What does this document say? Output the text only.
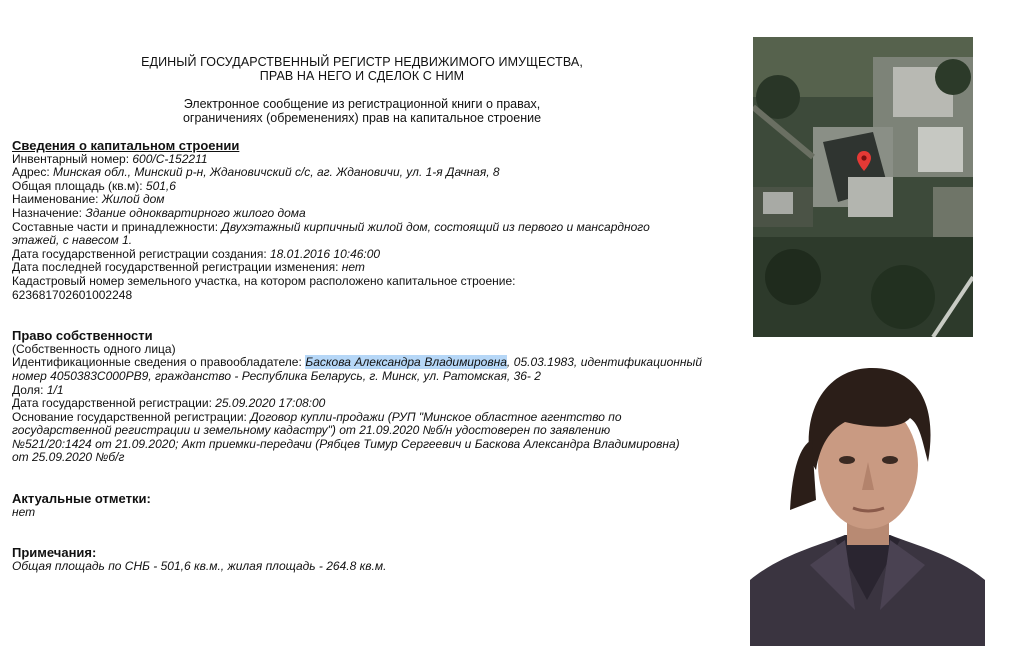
ЕДИНЫЙ ГОСУДАРСТВЕННЫЙ РЕГИСТР НЕДВИЖИМОГО ИМУЩЕСТВА,
ПРАВ НА НЕГО И СДЕЛОК С НИМ
Электронное сообщение из регистрационной книги о правах,
ограничениях (обременениях) прав на капитальное строение
Сведения о капитальном строении
Инвентарный номер: 600/С-152211
Адрес: Минская обл., Минский р-н, Ждановичский с/с, аг. Ждановичи, ул. 1-я Дачная, 8
Общая площадь (кв.м): 501,6
Наименование: Жилой дом
Назначение: Здание одноквартирного жилого дома
Составные части и принадлежности: Двухэтажный кирпичный жилой дом, состоящий из первого и мансардного этажей, с навесом 1.
Дата государственной регистрации создания: 18.01.2016 10:46:00
Дата последней государственной регистрации изменения: нет
Кадастровый номер земельного участка, на котором расположено капитальное строение:
623681702601002248
Право собственности
(Собственность одного лица)
Идентификационные сведения о правообладателе: Баскова Александра Владимировна, 05.03.1983, идентификационный номер 4050383С000РВ9, гражданство - Республика Беларусь, г. Минск, ул. Ратомская, 36- 2
Доля: 1/1
Дата государственной регистрации: 25.09.2020 17:08:00
Основание государственной регистрации: Договор купли-продажи (РУП "Минское областное агентство по государственной регистрации и земельному кадастру") от 21.09.2020 №б/н удостоверен по заявлению №521/20:1424 от 21.09.2020; Акт приемки-передачи (Рябцев Тимур Сергеевич и Баскова Александра Владимировна) от 25.09.2020 №б/г
Актуальные отметки:
нет
Примечания:
Общая площадь по СНБ - 501,6 кв.м., жилая площадь - 264.8 кв.м.
